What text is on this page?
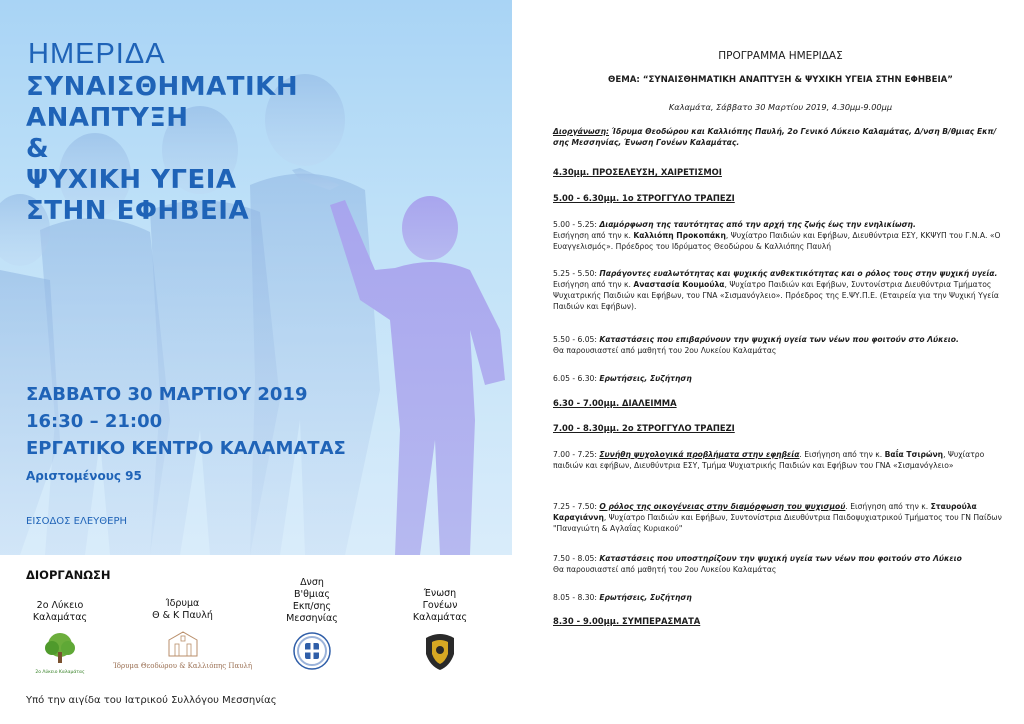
ΗΜΕΡΙΔΑ
ΣΥΝΑΙΣΘΗΜΑΤΙΚΗ
ΑΝΑΠΤΥΞΗ
&
ΨΥΧΙΚΗ ΥΓΕΙΑ
ΣΤΗΝ ΕΦΗΒΕΙΑ
ΣΑΒΒΑΤΟ 30 ΜΑΡΤΙΟΥ 2019
16:30 – 21:00
ΕΡΓΑΤΙΚΟ ΚΕΝΤΡΟ ΚΑΛΑΜΑΤΑΣ
Αριστομένους 95
ΕΙΣΟΔΟΣ ΕΛΕΥΘΕΡΗ
ΔΙΟΡΓΑΝΩΣΗ
2ο Λύκειο
Καλαμάτας
2ο Λύκειο Καλαμάτας
Ίδρυμα
Θ & Κ Παυλή
Ίδρυμα Θεοδώρου & Καλλιόπης Παυλή
Δνση
Β'θμιας
Εκπ/σης
Μεσσηνίας
Ένωση
Γονέων
Καλαμάτας
Υπό την αιγίδα του Ιατρικού Συλλόγου Μεσσηνίας
ΠΡΟΓΡΑΜΜΑ ΗΜΕΡΙΔΑΣ
ΘΕΜΑ: “ΣΥΝΑΙΣΘΗΜΑΤΙΚΗ ΑΝΑΠΤΥΞΗ & ΨΥΧΙΚΗ ΥΓΕΙΑ ΣΤΗΝ ΕΦΗΒΕΙΑ”
Καλαμάτα, Σάββατο 30 Μαρτίου 2019, 4.30μμ-9.00μμ
Διοργάνωση: Ίδρυμα Θεοδώρου και Καλλιόπης Παυλή, 2ο Γενικό Λύκειο Καλαμάτας, Δ/νση Β/θμιας Εκπ/σης Μεσσηνίας, Ένωση Γονέων Καλαμάτας.
4.30μμ. ΠΡΟΣΕΛΕΥΣΗ, ΧΑΙΡΕΤΙΣΜΟΙ
5.00 - 6.30μμ. 1ο ΣΤΡΟΓΓΥΛΟ ΤΡΑΠΕΖΙ
5.00 - 5.25: Διαμόρφωση της ταυτότητας από την αρχή της ζωής έως την ενηλικίωση.
Εισήγηση από την κ. Καλλιόπη Προκοπάκη, Ψυχίατρο Παιδιών και Εφήβων, Διευθύντρια ΕΣΥ, ΚΚΨΥΠ του Γ.Ν.Α. «Ο Ευαγγελισμός». Πρόεδρος του Ιδρύματος Θεοδώρου & Καλλιόπης Παυλή
5.25 - 5.50: Παράγοντες ευαλωτότητας και ψυχικής ανθεκτικότητας και ο ρόλος τους στην ψυχική υγεία. Εισήγηση από την κ. Αναστασία Κουμούλα, Ψυχίατρο Παιδιών και Εφήβων, Συντονίστρια Διευθύντρια Τμήματος Ψυχιατρικής Παιδιών και Εφήβων, του ΓΝΑ «Σισμανόγλειο». Πρόεδρος της Ε.ΨΥ.Π.Ε. (Εταιρεία για την Ψυχική Υγεία Παιδιών και Εφήβων).
5.50 - 6.05: Καταστάσεις που επιβαρύνουν την ψυχική υγεία των νέων που φοιτούν στο Λύκειο.
Θα παρουσιαστεί από μαθητή του 2ου Λυκείου Καλαμάτας
6.05 - 6.30: Ερωτήσεις, Συζήτηση
6.30 - 7.00μμ. ΔΙΑΛΕΙΜΜΑ
7.00 - 8.30μμ. 2ο ΣΤΡΟΓΓΥΛΟ ΤΡΑΠΕΖΙ
7.00 - 7.25: Συνήθη ψυχολογικά προβλήματα στην εφηβεία. Εισήγηση από την κ. Βαΐα Τσιρώνη, Ψυχίατρο παιδιών και εφήβων, Διευθύντρια ΕΣΥ, Τμήμα Ψυχιατρικής Παιδιών και Εφήβων του ΓΝΑ «Σισμανόγλειο»
7.25 - 7.50: Ο ρόλος της οικογένειας στην διαμόρφωση του ψυχισμού. Εισήγηση από την κ. Σταυρούλα Καραγιάννη, Ψυχίατρο Παιδιών και Εφήβων, Συντονίστρια Διευθύντρια Παιδοψυχιατρικού Τμήματος του ΓΝ Παίδων "Παναγιώτη & Αγλαΐας Κυριακού"
7.50 - 8.05: Καταστάσεις που υποστηρίζουν την ψυχική υγεία των νέων που φοιτούν στο Λύκειο
Θα παρουσιαστεί από μαθητή του 2ου Λυκείου Καλαμάτας
8.05 - 8.30: Ερωτήσεις, Συζήτηση
8.30 - 9.00μμ. ΣΥΜΠΕΡΑΣΜΑΤΑ
